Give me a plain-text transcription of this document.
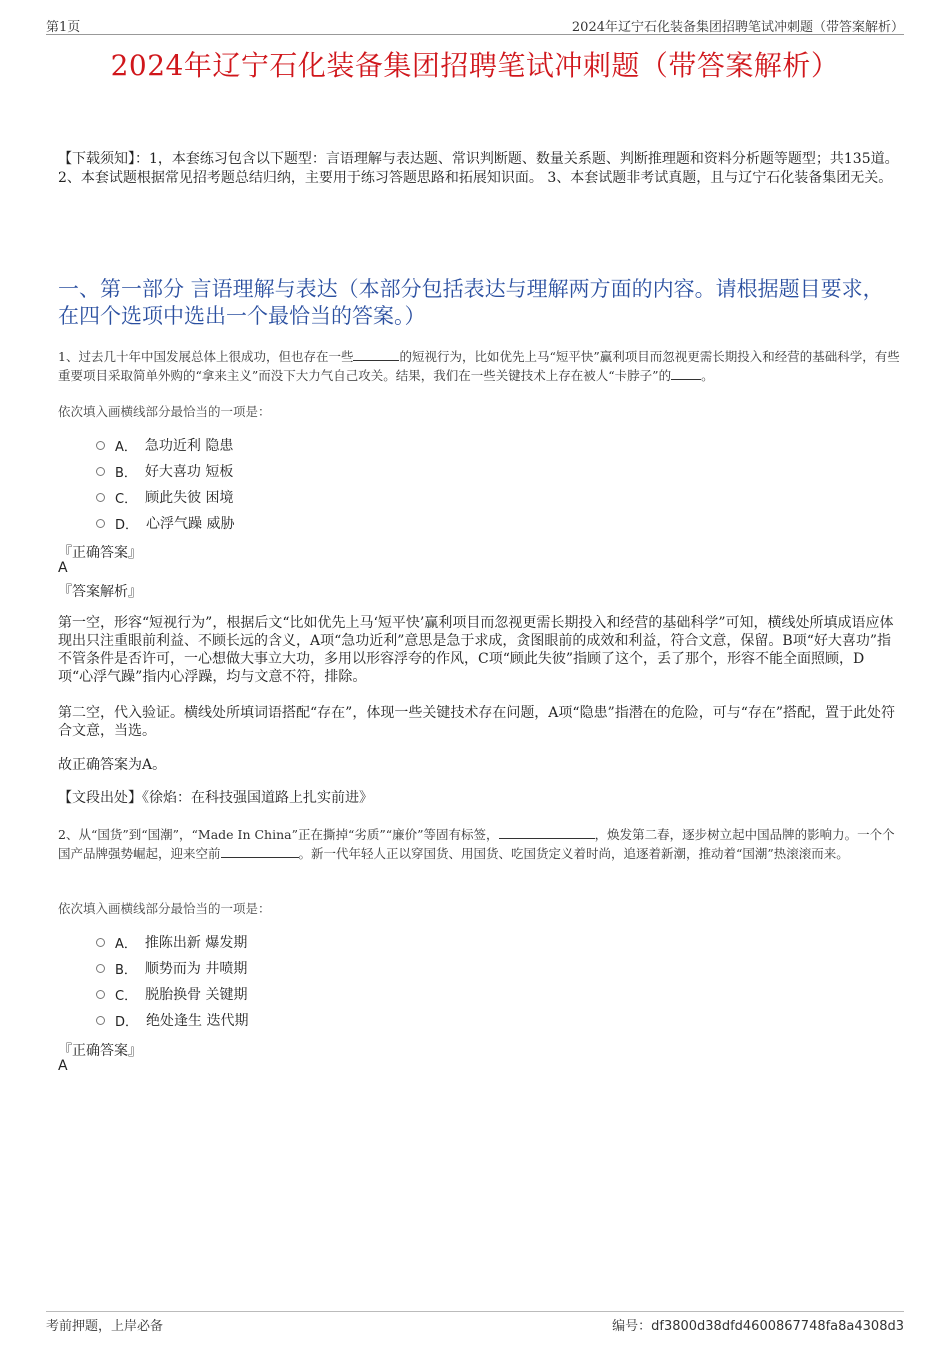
第1页	2024年辽宁石化装备集团招聘笔试冲刺题（带答案解析）
2024年辽宁石化装备集团招聘笔试冲刺题（带答案解析）
【下载须知】：1，本套练习包含以下题型：言语理解与表达题、常识判断题、数量关系题、判断推理题和资料分析题等题型；共135道。 2、本套试题根据常见招考题总结归纳，主要用于练习答题思路和拓展知识面。 3、本套试题非考试真题，且与辽宁石化装备集团无关。
一、第一部分 言语理解与表达（本部分包括表达与理解两方面的内容。请根据题目要求，在四个选项中选出一个最恰当的答案。）
1、过去几十年中国发展总体上很成功，但也存在一些	的短视行为，比如优先上马“短平快”赢利项目而忽视更需长期投入和经营的基础科学，有些重要项目采取简单外购的“拿来主义”而没下大力气自己攻关。结果，我们在一些关键技术上存在被人“卡脖子”的 。
依次填入画横线部分最恰当的一项是：
A． 急功近利 隐患
B． 好大喜功 短板
C． 顾此失彼 困境
D． 心浮气躁 威胁
『正确答案』
A
『答案解析』
第一空，形容“短视行为”，根据后文“比如优先上马‘短平快’赢利项目而忽视更需长期投入和经营的基础科学”可知，横线处所填成语应体现出只注重眼前利益、不顾长远的含义，A项“急功近利”意思是急于求成，贪图眼前的成效和利益，符合文意，保留。B项“好大喜功”指不管条件是否许可，一心想做大事立大功，多用以形容浮夸的作风，C项“顾此失彼”指顾了这个，丢了那个，形容不能全面照顾，D项“心浮气躁”指内心浮躁，均与文意不符，排除。
第二空，代入验证。横线处所填词语搭配“存在”，体现一些关键技术存在问题，A项“隐患”指潜在的危险，可与“存在”搭配，置于此处符合文意，当选。
故正确答案为A。
【文段出处】《徐焰：在科技强国道路上扎实前进》
2、从“国货”到“国潮”，“Made In China”正在撕掉“劣质”“廉价”等固有标签，	，焕发第二春，逐步树立起中国品牌的影响力。一个个国产品牌强势崛起，迎来空前	。新一代年轻人正以穿国货、用国货、吃国货定义着时尚，追逐着新潮，推动着“国潮”热滚滚而来。
依次填入画横线部分最恰当的一项是：
A． 推陈出新 爆发期
B． 顺势而为 井喷期
C． 脱胎换骨 关键期
D． 绝处逢生 迭代期
『正确答案』
A
考前押题，上岸必备	编号：df3800d38dfd4600867748fa8a4308d3
